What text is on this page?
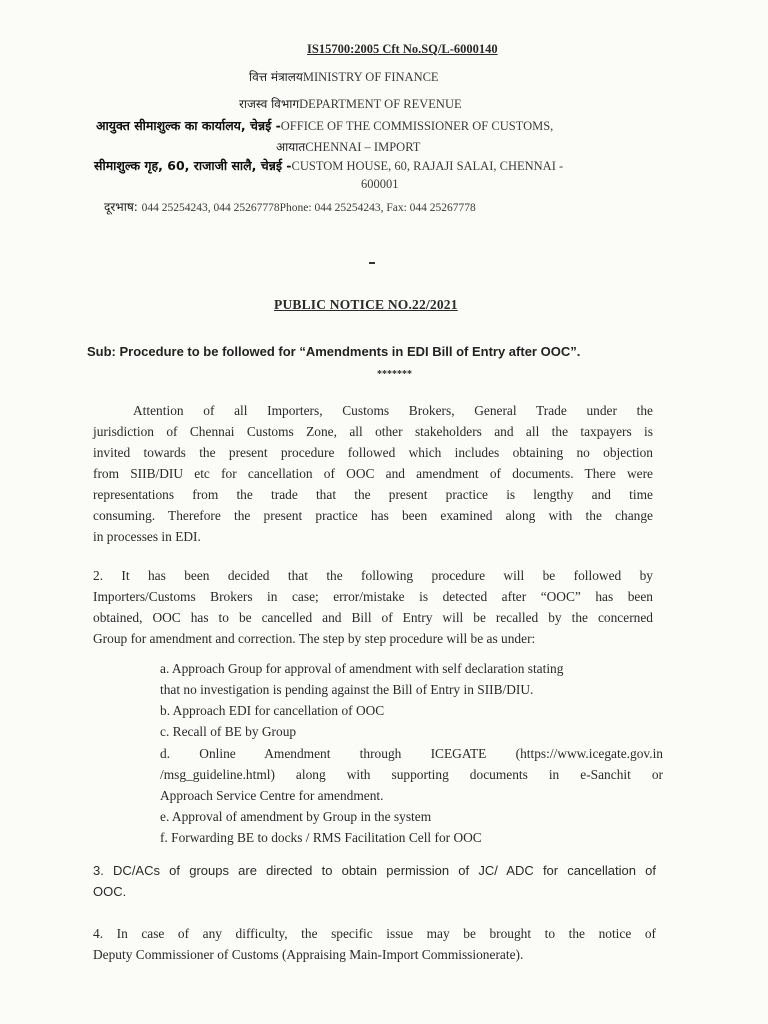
IS15700:2005 Cft No.SQ/L-6000140
वित्त मंत्रालयMINISTRY OF FINANCE
राजस्व विभागDEPARTMENT OF REVENUE
आयुक्त सीमाशुल्क का कार्यालय, चेन्नई -OFFICE OF THE COMMISSIONER OF CUSTOMS,
आयातCHENNAI – IMPORT
सीमाशुल्क गृह, 60, राजाजी सालै, चेन्नई -CUSTOM HOUSE, 60, RAJAJI SALAI, CHENNAI -
600001
दूरभाष: 044 25254243, 044 25267778Phone: 044 25254243, Fax: 044 25267778
PUBLIC NOTICE NO.22/2021
Sub: Procedure to be followed for “Amendments in EDI Bill of Entry after OOC”.
*******
Attention of all Importers, Customs Brokers, General Trade under the
jurisdiction of Chennai Customs Zone, all other stakeholders and all the taxpayers is
invited towards the present procedure followed which includes obtaining no objection
from SIIB/DIU etc for cancellation of OOC and amendment of documents. There were
representations from the trade that the present practice is lengthy and time
consuming. Therefore the present practice has been examined along with the change
in processes in EDI.
2. It has been decided that the following procedure will be followed by
Importers/Customs Brokers in case; error/mistake is detected after “OOC” has been
obtained, OOC has to be cancelled and Bill of Entry will be recalled by the concerned
Group for amendment and correction. The step by step procedure will be as under:
a. Approach Group for approval of amendment with self declaration stating
that no investigation is pending against the Bill of Entry in SIIB/DIU.
b. Approach EDI for cancellation of OOC
c. Recall of BE by Group
d. Online Amendment through ICEGATE (https://www.icegate.gov.in
/msg_guideline.html) along with supporting documents in e-Sanchit or
Approach Service Centre for amendment.
e. Approval of amendment by Group in the system
f. Forwarding BE to docks / RMS Facilitation Cell for OOC
3. DC/ACs of groups are directed to obtain permission of JC/ ADC for cancellation of
OOC.
4. In case of any difficulty, the specific issue may be brought to the notice of
Deputy Commissioner of Customs (Appraising Main-Import Commissionerate).
